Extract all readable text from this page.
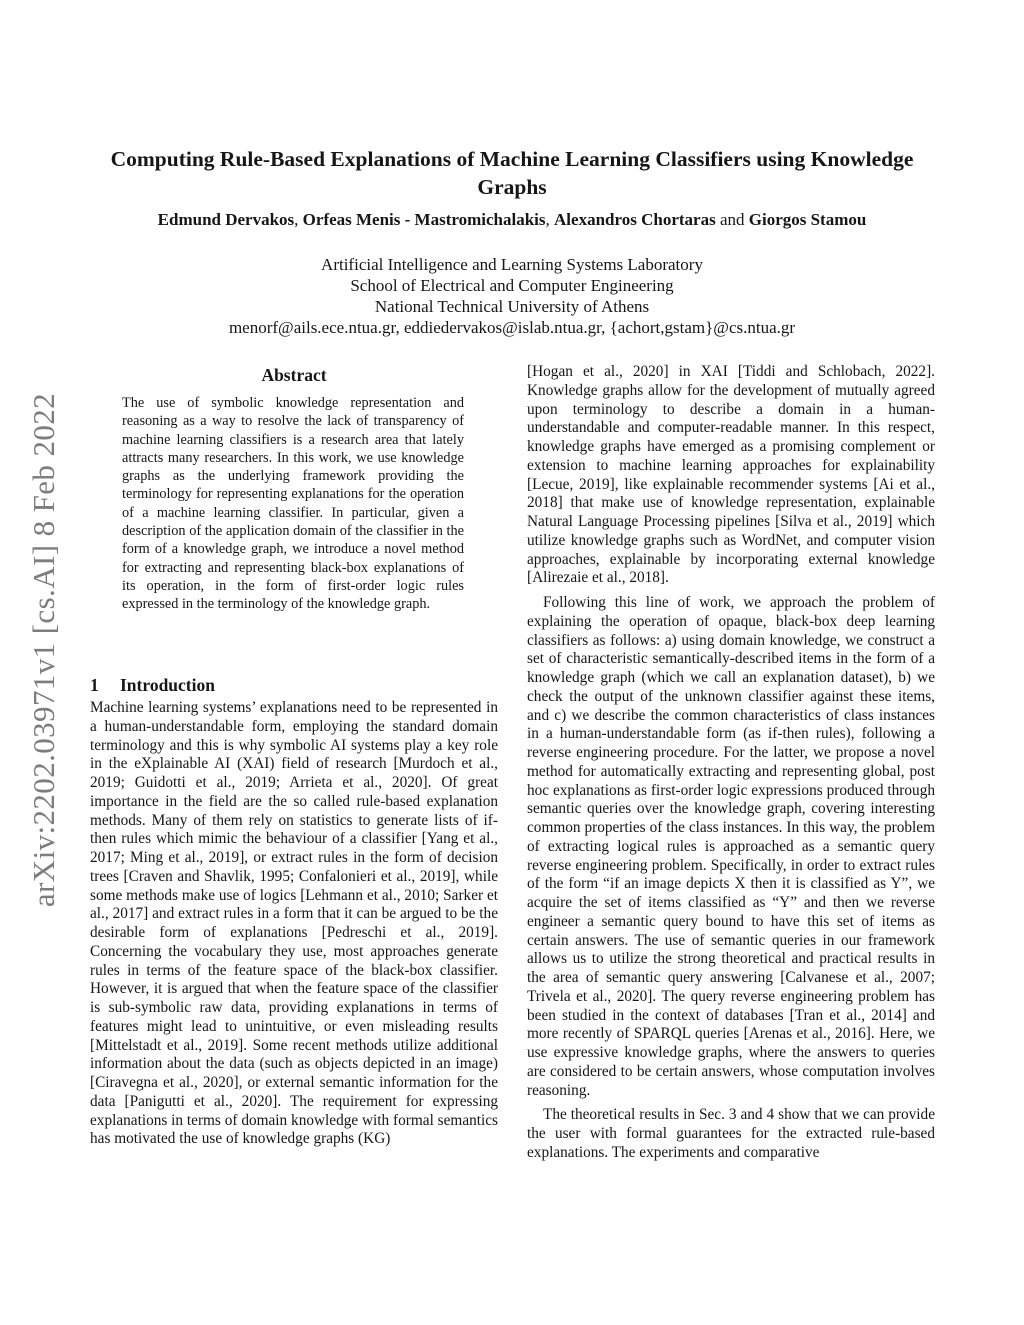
Computing Rule-Based Explanations of Machine Learning Classifiers using Knowledge Graphs
Edmund Dervakos, Orfeas Menis - Mastromichalakis, Alexandros Chortaras and Giorgos Stamou
Artificial Intelligence and Learning Systems Laboratory
School of Electrical and Computer Engineering
National Technical University of Athens
menorf@ails.ece.ntua.gr, eddiedervakos@islab.ntua.gr, {achort,gstam}@cs.ntua.gr
arXiv:2202.03971v1 [cs.AI] 8 Feb 2022
Abstract

The use of symbolic knowledge representation and reasoning as a way to resolve the lack of transparency of machine learning classifiers is a research area that lately attracts many researchers. In this work, we use knowledge graphs as the underlying framework providing the terminology for representing explanations for the operation of a machine learning classifier. In particular, given a description of the application domain of the classifier in the form of a knowledge graph, we introduce a novel method for extracting and representing black-box explanations of its operation, in the form of first-order logic rules expressed in the terminology of the knowledge graph.

1 Introduction

Machine learning systems’ explanations need to be represented in a human-understandable form, employing the standard domain terminology and this is why symbolic AI systems play a key role in the eXplainable AI (XAI) field of research [Murdoch et al., 2019; Guidotti et al., 2019; Arrieta et al., 2020]. Of great importance in the field are the so called rule-based explanation methods. Many of them rely on statistics to generate lists of if-then rules which mimic the behaviour of a classifier [Yang et al., 2017; Ming et al., 2019], or extract rules in the form of decision trees [Craven and Shavlik, 1995; Confalonieri et al., 2019], while some methods make use of logics [Lehmann et al., 2010; Sarker et al., 2017] and extract rules in a form that it can be argued to be the desirable form of explanations [Pedreschi et al., 2019]. Concerning the vocabulary they use, most approaches generate rules in terms of the feature space of the black-box classifier. However, it is argued that when the feature space of the classifier is sub-symbolic raw data, providing explanations in terms of features might lead to unintuitive, or even misleading results [Mittelstadt et al., 2019]. Some recent methods utilize additional information about the data (such as objects depicted in an image) [Ciravegna et al., 2020], or external semantic information for the data [Panigutti et al., 2020]. The requirement for expressing explanations in terms of domain knowledge with formal semantics has motivated the use of knowledge graphs (KG)

[Hogan et al., 2020] in XAI [Tiddi and Schlobach, 2022]. Knowledge graphs allow for the development of mutually agreed upon terminology to describe a domain in a human-understandable and computer-readable manner. In this respect, knowledge graphs have emerged as a promising complement or extension to machine learning approaches for explainability [Lecue, 2019], like explainable recommender systems [Ai et al., 2018] that make use of knowledge representation, explainable Natural Language Processing pipelines [Silva et al., 2019] which utilize knowledge graphs such as WordNet, and computer vision approaches, explainable by incorporating external knowledge [Alirezaie et al., 2018].

Following this line of work, we approach the problem of explaining the operation of opaque, black-box deep learning classifiers as follows: a) using domain knowledge, we construct a set of characteristic semantically-described items in the form of a knowledge graph (which we call an explanation dataset), b) we check the output of the unknown classifier against these items, and c) we describe the common characteristics of class instances in a human-understandable form (as if-then rules), following a reverse engineering procedure. For the latter, we propose a novel method for automatically extracting and representing global, post hoc explanations as first-order logic expressions produced through semantic queries over the knowledge graph, covering interesting common properties of the class instances. In this way, the problem of extracting logical rules is approached as a semantic query reverse engineering problem. Specifically, in order to extract rules of the form “if an image depicts X then it is classified as Y”, we acquire the set of items classified as “Y” and then we reverse engineer a semantic query bound to have this set of items as certain answers. The use of semantic queries in our framework allows us to utilize the strong theoretical and practical results in the area of semantic query answering [Calvanese et al., 2007; Trivela et al., 2020]. The query reverse engineering problem has been studied in the context of databases [Tran et al., 2014] and more recently of SPARQL queries [Arenas et al., 2016]. Here, we use expressive knowledge graphs, where the answers to queries are considered to be certain answers, whose computation involves reasoning.

The theoretical results in Sec. 3 and 4 show that we can provide the user with formal guarantees for the extracted rule-based explanations. The experiments and comparative
